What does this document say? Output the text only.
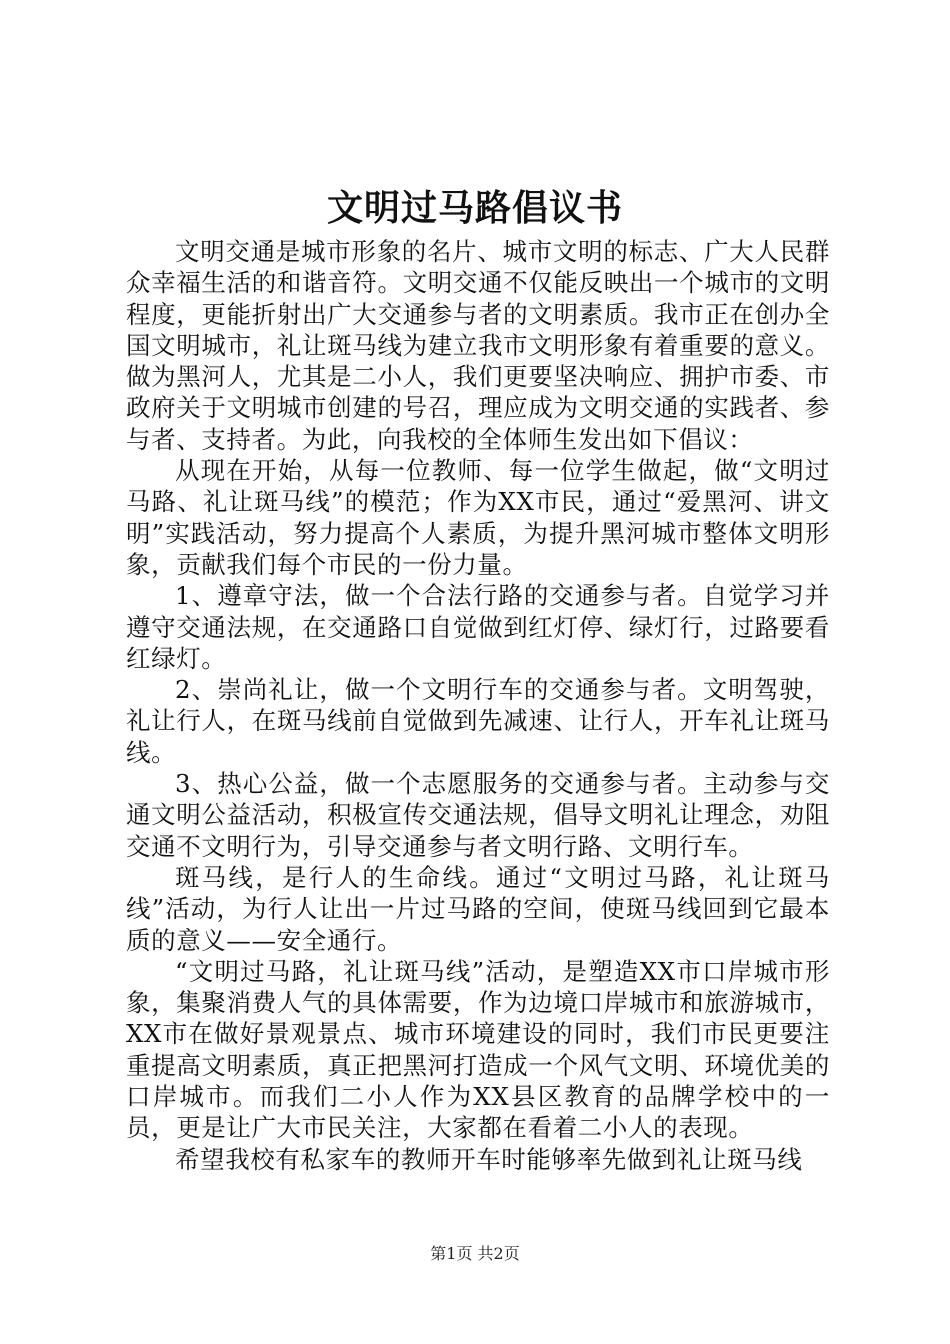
文明过马路倡议书

文明交通是城市形象的名片、城市文明的标志、广大人民群众幸福生活的和谐音符。文明交通不仅能反映出一个城市的文明程度，更能折射出广大交通参与者的文明素质。我市正在创办全国文明城市，礼让斑马线为建立我市文明形象有着重要的意义。做为黑河人，尤其是二小人，我们更要坚决响应、拥护市委、市政府关于文明城市创建的号召，理应成为文明交通的实践者、参与者、支持者。为此，向我校的全体师生发出如下倡议：

从现在开始，从每一位教师、每一位学生做起，做“文明过马路、礼让斑马线”的模范；作为XX市民，通过“爱黑河、讲文明”实践活动，努力提高个人素质，为提升黑河城市整体文明形象，贡献我们每个市民的一份力量。

1、遵章守法，做一个合法行路的交通参与者。自觉学习并遵守交通法规，在交通路口自觉做到红灯停、绿灯行，过路要看红绿灯。

2、崇尚礼让，做一个文明行车的交通参与者。文明驾驶，礼让行人，在斑马线前自觉做到先减速、让行人，开车礼让斑马线。

3、热心公益，做一个志愿服务的交通参与者。主动参与交通文明公益活动，积极宣传交通法规，倡导文明礼让理念，劝阻交通不文明行为，引导交通参与者文明行路、文明行车。

斑马线，是行人的生命线。通过“文明过马路，礼让斑马线”活动，为行人让出一片过马路的空间，使斑马线回到它最本质的意义——安全通行。

“文明过马路，礼让斑马线”活动，是塑造XX市口岸城市形象，集聚消费人气的具体需要，作为边境口岸城市和旅游城市，XX市在做好景观景点、城市环境建设的同时，我们市民更要注重提高文明素质，真正把黑河打造成一个风气文明、环境优美的口岸城市。而我们二小人作为XX县区教育的品牌学校中的一员，更是让广大市民关注，大家都在看着二小人的表现。

希望我校有私家车的教师开车时能够率先做到礼让斑马线

第1页 共2页
